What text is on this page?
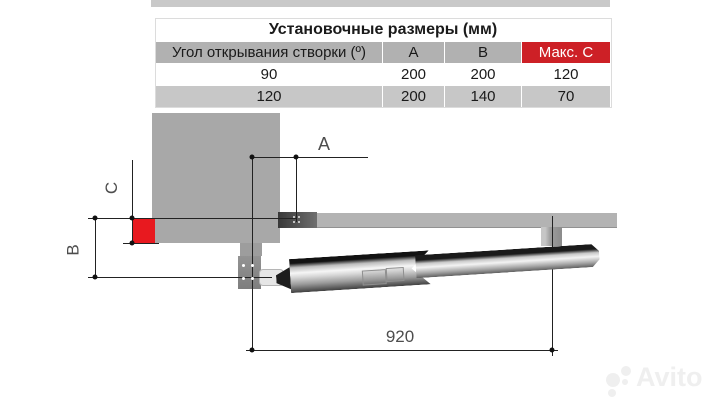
Установочные размеры (мм)
Угол открывания створки (º)	A	B	Макс. C
90	200	200	120
120	200	140	70
A
C
B
920
Avito
